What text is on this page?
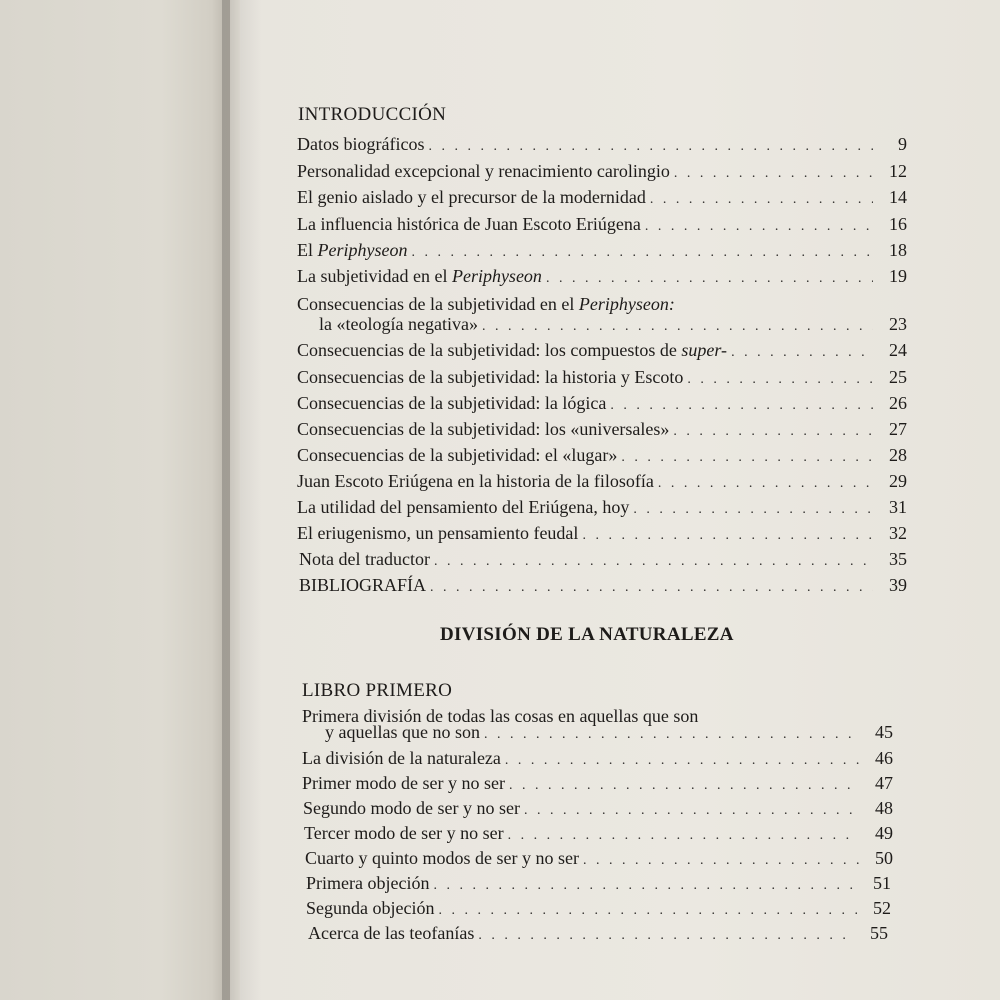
INTRODUCCIÓN
Datos biográficos . . .	9
Personalidad excepcional y renacimiento carolingio . . .	12
El genio aislado y el precursor de la modernidad . . .	14
La influencia histórica de Juan Escoto Eriúgena . . .	16
El Periphyseon . . .	18
La subjetividad en el Periphyseon . . .	19
Consecuencias de la subjetividad en el Periphyseon:
la «teología negativa» . . .	23
Consecuencias de la subjetividad: los compuestos de super- . . .	24
Consecuencias de la subjetividad: la historia y Escoto . . .	25
Consecuencias de la subjetividad: la lógica . . .	26
Consecuencias de la subjetividad: los «universales» . . .	27
Consecuencias de la subjetividad: el «lugar» . . .	28
Juan Escoto Eriúgena en la historia de la filosofía . . .	29
La utilidad del pensamiento del Eriúgena, hoy . . .	31
El eriugenismo, un pensamiento feudal . . .	32
Nota del traductor . . .	35
BIBLIOGRAFÍA . . .	39
DIVISIÓN DE LA NATURALEZA
LIBRO PRIMERO
Primera división de todas las cosas en aquellas que son
y aquellas que no son . . .	45
La división de la naturaleza . . .	46
Primer modo de ser y no ser . . .	47
Segundo modo de ser y no ser . . .	48
Tercer modo de ser y no ser . . .	49
Cuarto y quinto modos de ser y no ser . . .	50
Primera objeción . . .	51
Segunda objeción . . .	52
Acerca de las teofanías . . .	55
